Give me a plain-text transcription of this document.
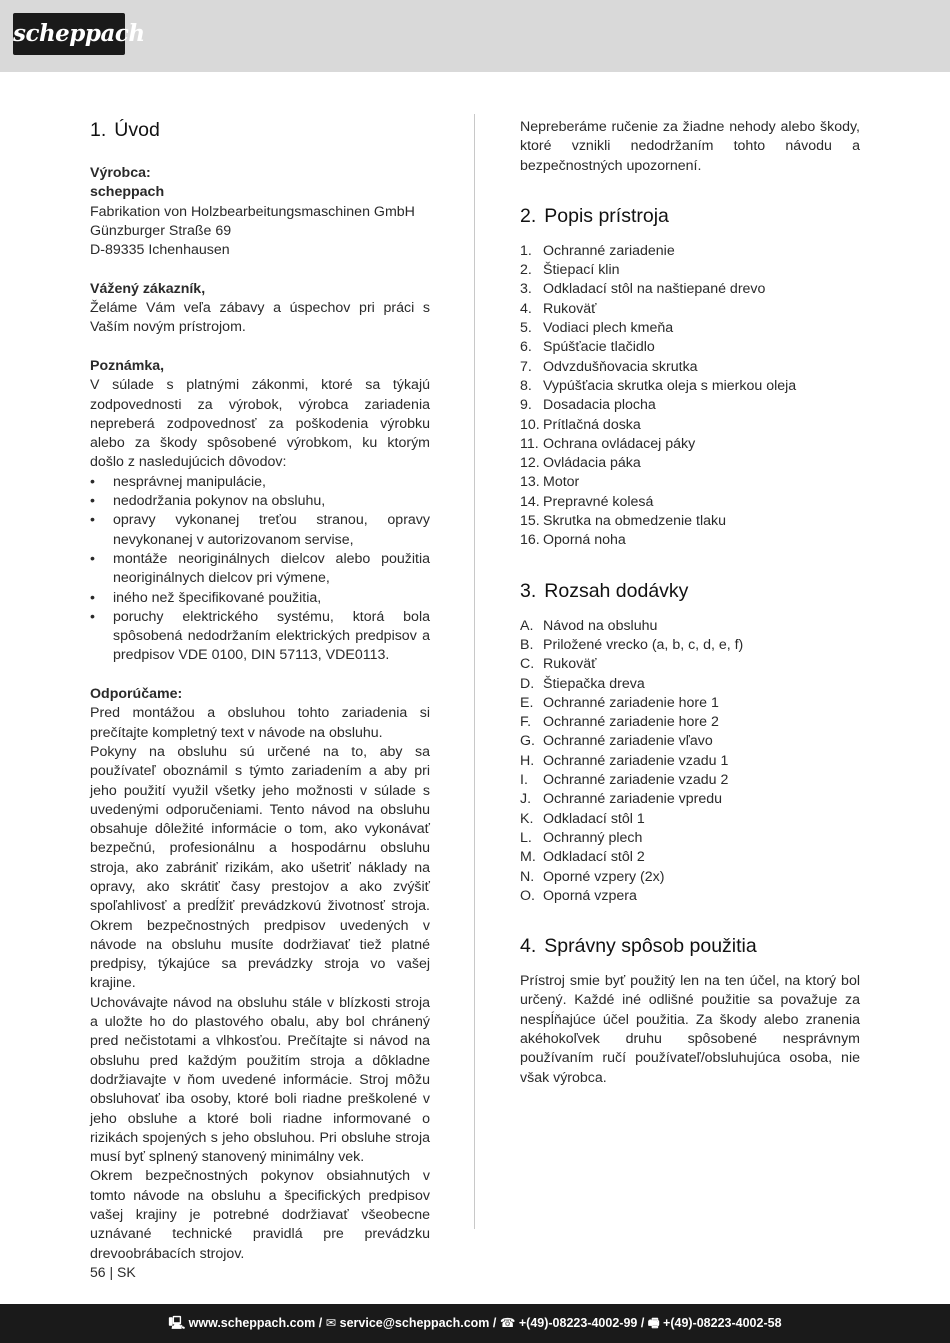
scheppach
1. Úvod
Výrobca:
scheppach
Fabrikation von Holzbearbeitungsmaschinen GmbH
Günzburger Straße 69
D-89335 Ichenhausen
Vážený zákazník,
Želáme Vám veľa zábavy a úspechov pri práci s Vaším novým prístrojom.
Poznámka,
V súlade s platnými zákonmi, ktoré sa týkajú zodpovednosti za výrobok, výrobca zariadenia nepreberá zodpovednosť za poškodenia výrobku alebo za škody spôsobené výrobkom, ku ktorým došlo z nasledujúcich dôvodov:
• nesprávnej manipulácie,
• nedodržania pokynov na obsluhu,
• opravy vykonanej treťou stranou, opravy nevykonanej v autorizovanom servise,
• montáže neoriginálnych dielcov alebo použitia neoriginálnych dielcov pri výmene,
• iného než špecifikované použitia,
• poruchy elektrického systému, ktorá bola spôsobená nedodržaním elektrických predpisov a predpisov VDE 0100, DIN 57113, VDE0113.
Odporúčame:
Pred montážou a obsluhou tohto zariadenia si prečítajte kompletný text v návode na obsluhu.
Pokyny na obsluhu sú určené na to, aby sa používateľ oboznámil s týmto zariadením a aby pri jeho použití využil všetky jeho možnosti v súlade s uvedenými odporučeniami. Tento návod na obsluhu obsahuje dôležité informácie o tom, ako vykonávať bezpečnú, profesionálnu a hospodárnu obsluhu stroja, ako zabrániť rizikám, ako ušetriť náklady na opravy, ako skrátiť časy prestojov a ako zvýšiť spoľahlivosť a predĺžiť prevádzkovú životnosť stroja. Okrem bezpečnostných predpisov uvedených v návode na obsluhu musíte dodržiavať tiež platné predpisy, týkajúce sa prevádzky stroja vo vašej krajine.
Uchovávajte návod na obsluhu stále v blízkosti stroja a uložte ho do plastového obalu, aby bol chránený pred nečistotami a vlhkosťou. Prečítajte si návod na obsluhu pred každým použitím stroja a dôkladne dodržiavajte v ňom uvedené informácie. Stroj môžu obsluhovať iba osoby, ktoré boli riadne preškolené v jeho obsluhe a ktoré boli riadne informované o rizikách spojených s jeho obsluhou. Pri obsluhe stroja musí byť splnený stanovený minimálny vek.
Okrem bezpečnostných pokynov obsiahnutých v tomto návode na obsluhu a špecifických predpisov vašej krajiny je potrebné dodržiavať všeobecne uznávané technické pravidlá pre prevádzku drevoobrábacích strojov.
Nepreberáme ručenie za žiadne nehody alebo škody, ktoré vznikli nedodržaním tohto návodu a bezpečnostných upozornení.
2. Popis prístroja
1. Ochranné zariadenie
2. Štiepací klin
3. Odkladací stôl na naštiepané drevo
4. Rukoväť
5. Vodiaci plech kmeňa
6. Spúšťacie tlačidlo
7. Odvzdušňovacia skrutka
8. Vypúšťacia skrutka oleja s mierkou oleja
9. Dosadacia plocha
10. Prítlačná doska
11. Ochrana ovládacej páky
12. Ovládacia páka
13. Motor
14. Prepravné kolesá
15. Skrutka na obmedzenie tlaku
16. Oporná noha
3. Rozsah dodávky
A. Návod na obsluhu
B. Priložené vrecko (a, b, c, d, e, f)
C. Rukoväť
D. Štiepačka dreva
E. Ochranné zariadenie hore 1
F. Ochranné zariadenie hore 2
G. Ochranné zariadenie vľavo
H. Ochranné zariadenie vzadu 1
I. Ochranné zariadenie vzadu 2
J. Ochranné zariadenie vpredu
K. Odkladací stôl 1
L. Ochranný plech
M. Odkladací stôl 2
N. Oporné vzpery (2x)
O. Oporná vzpera
4. Správny spôsob použitia
Prístroj smie byť použitý len na ten účel, na ktorý bol určený. Každé iné odlišné použitie sa považuje za nespĺňajúce účel použitia. Za škody alebo zranenia akéhokoľvek druhu spôsobené nesprávnym používaním ručí používateľ/obsluhujúca osoba, nie však výrobca.
56 | SK
🖳 www.scheppach.com / ✉ service@scheppach.com / ☎ +(49)-08223-4002-99 / 🖷 +(49)-08223-4002-58
